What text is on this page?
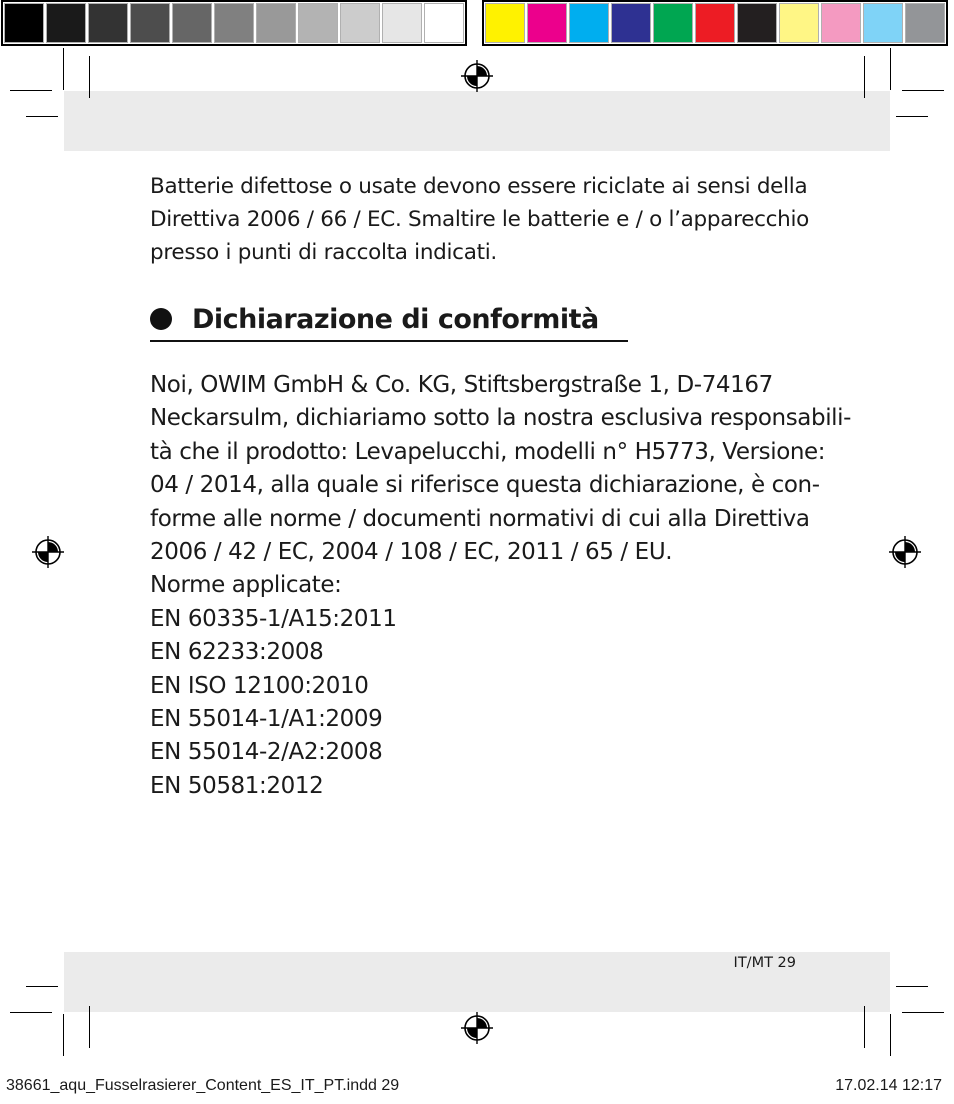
Batterie difettose o usate devono essere riciclate ai sensi della

Direttiva 2006 / 66 / EC. Smaltire le batterie e / o l’apparecchio

presso i punti di raccolta indicati.

Dichiarazione di conformità

Noi, OWIM GmbH & Co. KG, Stiftsbergstraße 1, D-74167

Neckarsulm, dichiariamo sotto la nostra esclusiva responsabili-

tà che il prodotto: Levapelucchi, modelli n° H5773, Versione:

04 / 2014, alla quale si riferisce questa dichiarazione, è con-

forme alle norme / documenti normativi di cui alla Direttiva

2006 / 42 / EC, 2004 / 108 / EC, 2011 / 65 / EU.

Norme applicate:

EN 60335-1/A15:2011

EN 62233:2008

EN ISO 12100:2010

EN 55014-1/A1:2009

EN 55014-2/A2:2008

EN 50581:2012

IT/MT 29
38661_aqu_Fusselrasierer_Content_ES_IT_PT.indd 29	17.02.14 12:17
